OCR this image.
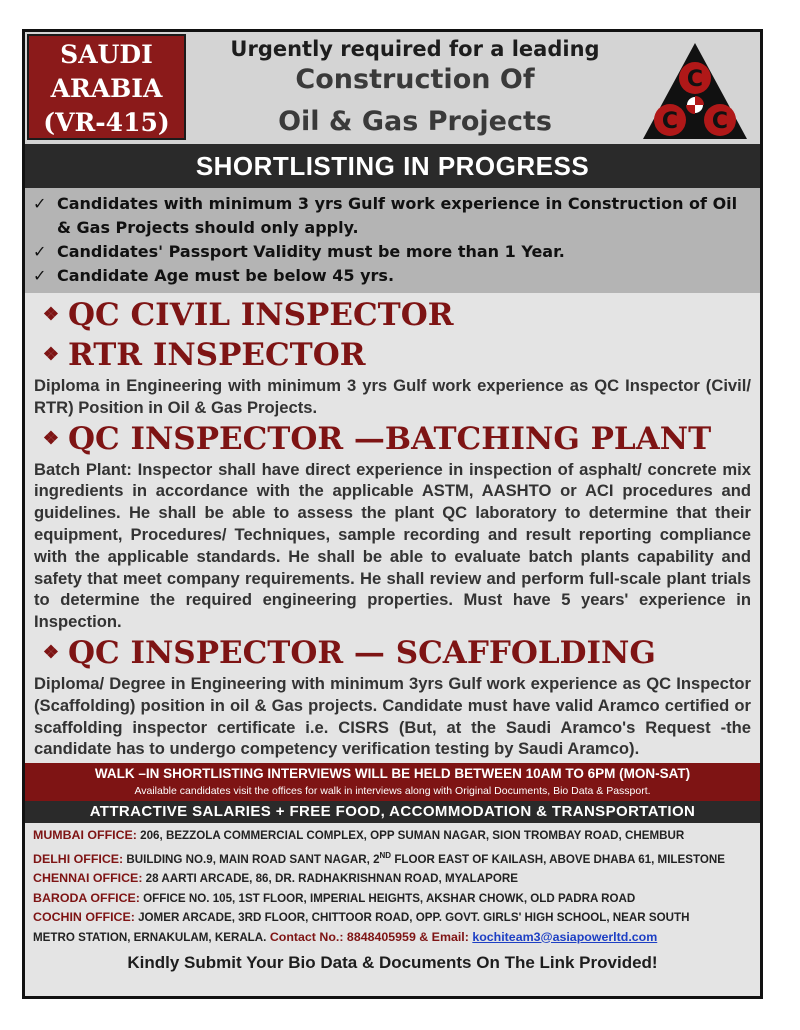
SAUDI
ARABIA
(VR-415)
Urgently required for a leading
Construction Of
Oil & Gas Projects
C
C C
SHORTLISTING IN PROGRESS
✓ Candidates with minimum 3 yrs Gulf work experience in Construction of Oil & Gas Projects should only apply.
✓ Candidates' Passport Validity must be more than 1 Year.
✓ Candidate Age must be below 45 yrs.
❖ QC CIVIL INSPECTOR
❖ RTR INSPECTOR
Diploma in Engineering with minimum 3 yrs Gulf work experience as QC Inspector (Civil/ RTR) Position in Oil & Gas Projects.
❖ QC INSPECTOR —BATCHING PLANT
Batch Plant: Inspector shall have direct experience in inspection of asphalt/ concrete mix ingredients in accordance with the applicable ASTM, AASHTO or ACI procedures and guidelines. He shall be able to assess the plant QC laboratory to determine that their equipment, Procedures/ Techniques, sample recording and result reporting compliance with the applicable standards. He shall be able to evaluate batch plants capability and safety that meet company requirements. He shall review and perform full-scale plant trials to determine the required engineering properties. Must have 5 years' experience in Inspection.
❖ QC INSPECTOR — SCAFFOLDING
Diploma/ Degree in Engineering with minimum 3yrs Gulf work experience as QC Inspector (Scaffolding) position in oil & Gas projects. Candidate must have valid Aramco certified or scaffolding inspector certificate i.e. CISRS (But, at the Saudi Aramco's Request -the candidate has to undergo competency verification testing by Saudi Aramco).
WALK –IN SHORTLISTING INTERVIEWS WILL BE HELD BETWEEN 10AM TO 6PM (MON-SAT)
Available candidates visit the offices for walk in interviews along with Original Documents, Bio Data & Passport.
ATTRACTIVE SALARIES + FREE FOOD, ACCOMMODATION & TRANSPORTATION
MUMBAI OFFICE: 206, BEZZOLA COMMERCIAL COMPLEX, OPP SUMAN NAGAR, SION TROMBAY ROAD, CHEMBUR
DELHI OFFICE: BUILDING NO.9, MAIN ROAD SANT NAGAR, 2ND FLOOR EAST OF KAILASH, ABOVE DHABA 61, MILESTONE
CHENNAI OFFICE: 28 AARTI ARCADE, 86, DR. RADHAKRISHNAN ROAD, MYALAPORE
BARODA OFFICE: OFFICE NO. 105, 1ST FLOOR, IMPERIAL HEIGHTS, AKSHAR CHOWK, OLD PADRA ROAD
COCHIN OFFICE: JOMER ARCADE, 3RD FLOOR, CHITTOOR ROAD, OPP. GOVT. GIRLS' HIGH SCHOOL, NEAR SOUTH
METRO STATION, ERNAKULAM, KERALA. Contact No.: 8848405959 & Email: kochiteam3@asiapowerltd.com
Kindly Submit Your Bio Data & Documents On The Link Provided!
